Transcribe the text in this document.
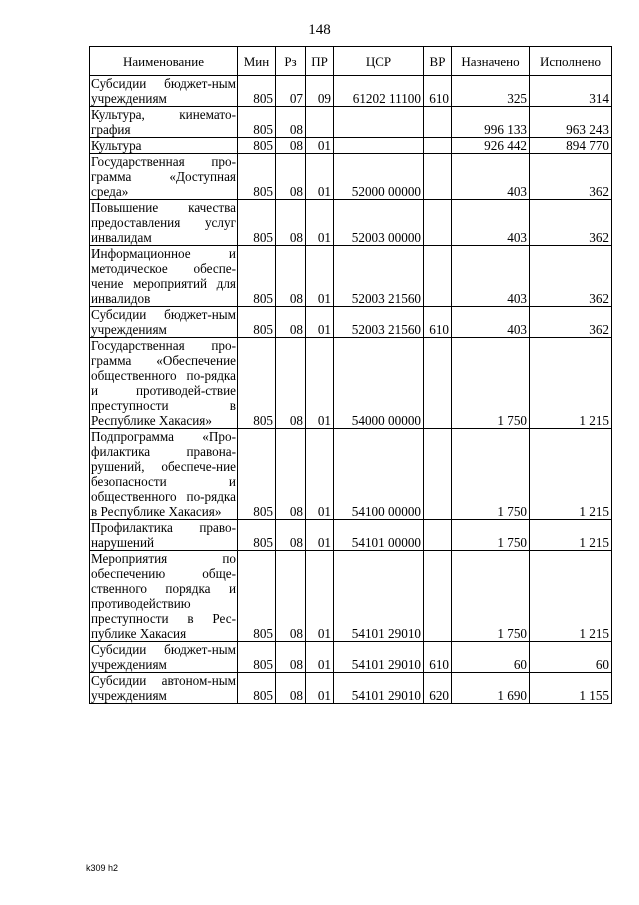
148
Наименование	Мин	Рз	ПР	ЦСР	ВР	Назначено	Исполнено
Субсидии бюджет-ным учреждениям	805	07	09	61202 11100	610	325	314
Культура, кинемато-графия	805	08				996 133	963 243
Культура	805	08	01			926 442	894 770
Государственная про-грамма «Доступная среда»	805	08	01	52000 00000		403	362
Повышение качества предоставления услуг инвалидам	805	08	01	52003 00000		403	362
Информационное и методическое обеспе-чение мероприятий для инвалидов	805	08	01	52003 21560		403	362
Субсидии бюджет-ным учреждениям	805	08	01	52003 21560	610	403	362
Государственная про-грамма «Обеспечение общественного по-рядка и противодей-ствие преступности в Республике Хакасия»	805	08	01	54000 00000		1 750	1 215
Подпрограмма «Про-филактика правона-рушений, обеспече-ние безопасности и общественного по-рядка в Республике Хакасия»	805	08	01	54100 00000		1 750	1 215
Профилактика право-нарушений	805	08	01	54101 00000		1 750	1 215
Мероприятия по обеспечению обще-ственного порядка и противодействию преступности в Рес-публике Хакасия	805	08	01	54101 29010		1 750	1 215
Субсидии бюджет-ным учреждениям	805	08	01	54101 29010	610	60	60
Субсидии автоном-ным учреждениям	805	08	01	54101 29010	620	1 690	1 155
k309 h2
